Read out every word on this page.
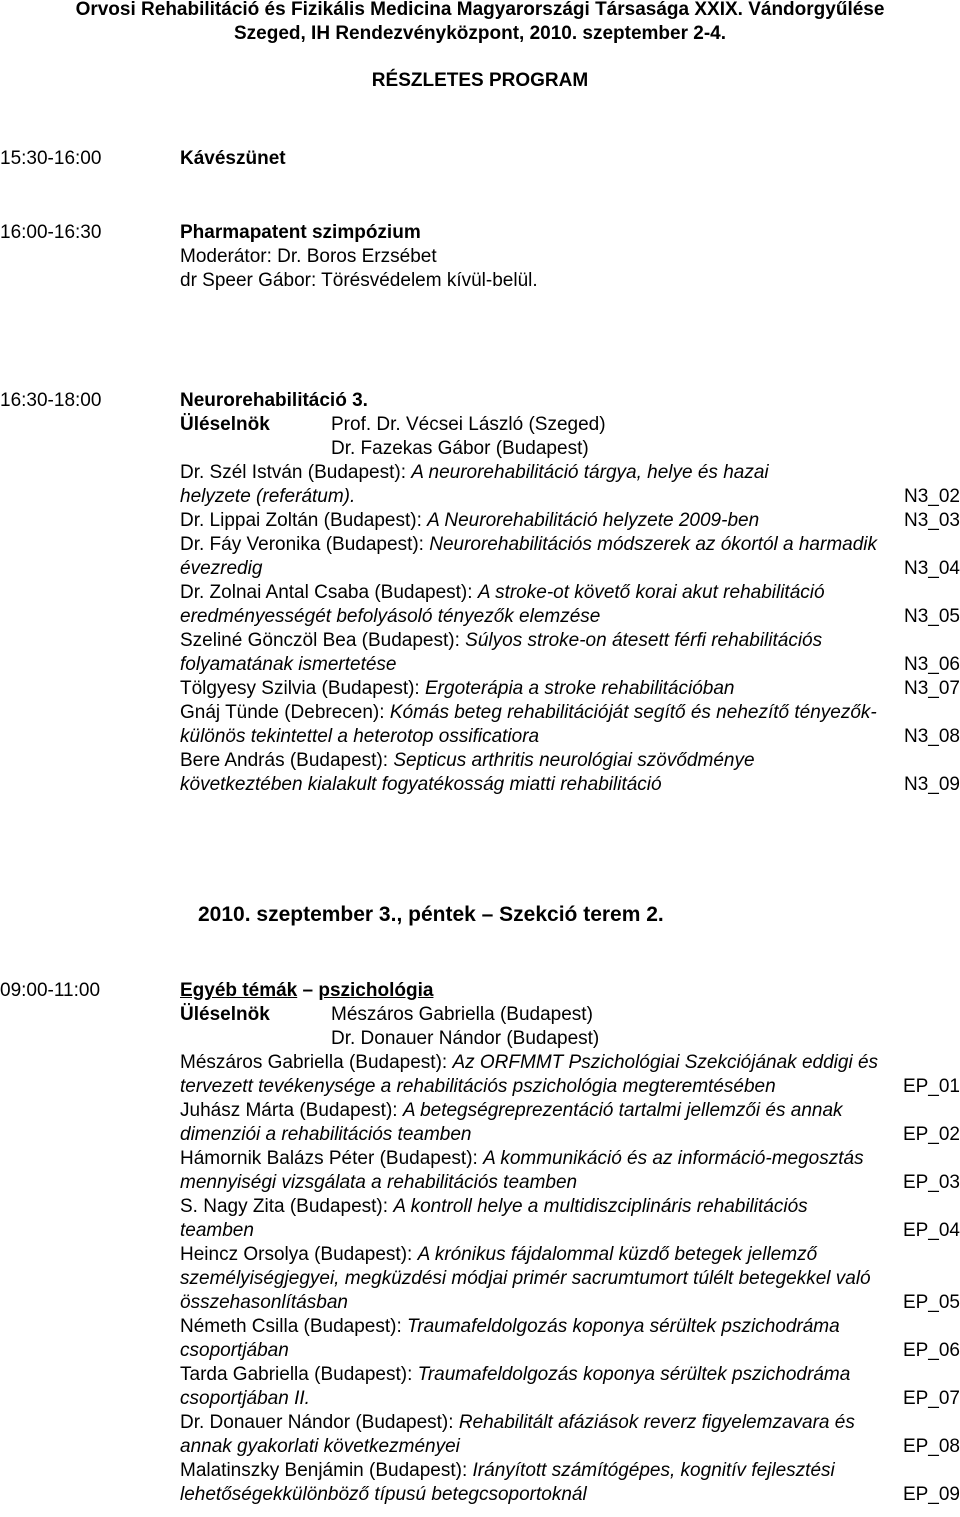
Orvosi Rehabilitáció és Fizikális Medicina Magyarországi Társasága XXIX. Vándorgyűlése
Szeged, IH Rendezvényközpont, 2010. szeptember 2-4.
RÉSZLETES PROGRAM
15:30-16:00	Kávészünet
16:00-16:30	Pharmapatent szimpózium
Moderátor: Dr. Boros Erzsébet
dr Speer Gábor: Törésvédelem kívül-belül.
16:30-18:00	Neurorehabilitáció 3.
Üléselnök	Prof. Dr. Vécsei László (Szeged)
Dr. Fazekas Gábor (Budapest)
Dr. Szél István (Budapest): A neurorehabilitáció tárgya, helye és hazai
helyzete (referátum).	N3_02
Dr. Lippai Zoltán (Budapest): A Neurorehabilitáció helyzete 2009-ben	N3_03
Dr. Fáy Veronika (Budapest): Neurorehabilitációs módszerek az ókortól a harmadik
évezredig	N3_04
Dr. Zolnai Antal Csaba (Budapest): A stroke-ot követő korai akut rehabilitáció
eredményességét befolyásoló tényezők elemzése	N3_05
Szeliné Gönczöl Bea (Budapest): Súlyos stroke-on átesett férfi rehabilitációs
folyamatának ismertetése	N3_06
Tölgyesy Szilvia (Budapest): Ergoterápia a stroke rehabilitációban	N3_07
Gnáj Tünde (Debrecen): Kómás beteg rehabilitációját segítő és nehezítő tényezők-
különös tekintettel a heterotop ossificatiora	N3_08
Bere András (Budapest): Septicus arthritis neurológiai szövődménye
következtében kialakult fogyatékosság miatti rehabilitáció	N3_09
2010. szeptember 3., péntek – Szekció terem 2.
09:00-11:00	Egyéb témák – pszichológia
Üléselnök	Mészáros Gabriella (Budapest)
Dr. Donauer Nándor (Budapest)
Mészáros Gabriella (Budapest): Az ORFMMT Pszichológiai Szekciójának eddigi és
tervezett tevékenysége a rehabilitációs pszichológia megteremtésében	EP_01
Juhász Márta (Budapest): A betegségreprezentáció tartalmi jellemzői és annak
dimenziói a rehabilitációs teamben	EP_02
Hámornik Balázs Péter (Budapest): A kommunikáció és az információ-megosztás
mennyiségi vizsgálata a rehabilitációs teamben	EP_03
S. Nagy Zita (Budapest): A kontroll helye a multidiszciplináris rehabilitációs
teamben	EP_04
Heincz Orsolya (Budapest): A krónikus fájdalommal küzdő betegek jellemző
személyiségjegyei, megküzdési módjai primér sacrumtumort túlélt betegekkel való
összehasonlításban	EP_05
Németh Csilla (Budapest): Traumafeldolgozás koponya sérültek pszichodráma
csoportjában	EP_06
Tarda Gabriella (Budapest): Traumafeldolgozás koponya sérültek pszichodráma
csoportjában II.	EP_07
Dr. Donauer Nándor (Budapest): Rehabilitált afáziások reverz figyelemzavara és
annak gyakorlati következményei	EP_08
Malatinszky Benjámin (Budapest): Irányított számítógépes, kognitív fejlesztési
lehetőségekkülönböző típusú betegcsoportoknál	EP_09
